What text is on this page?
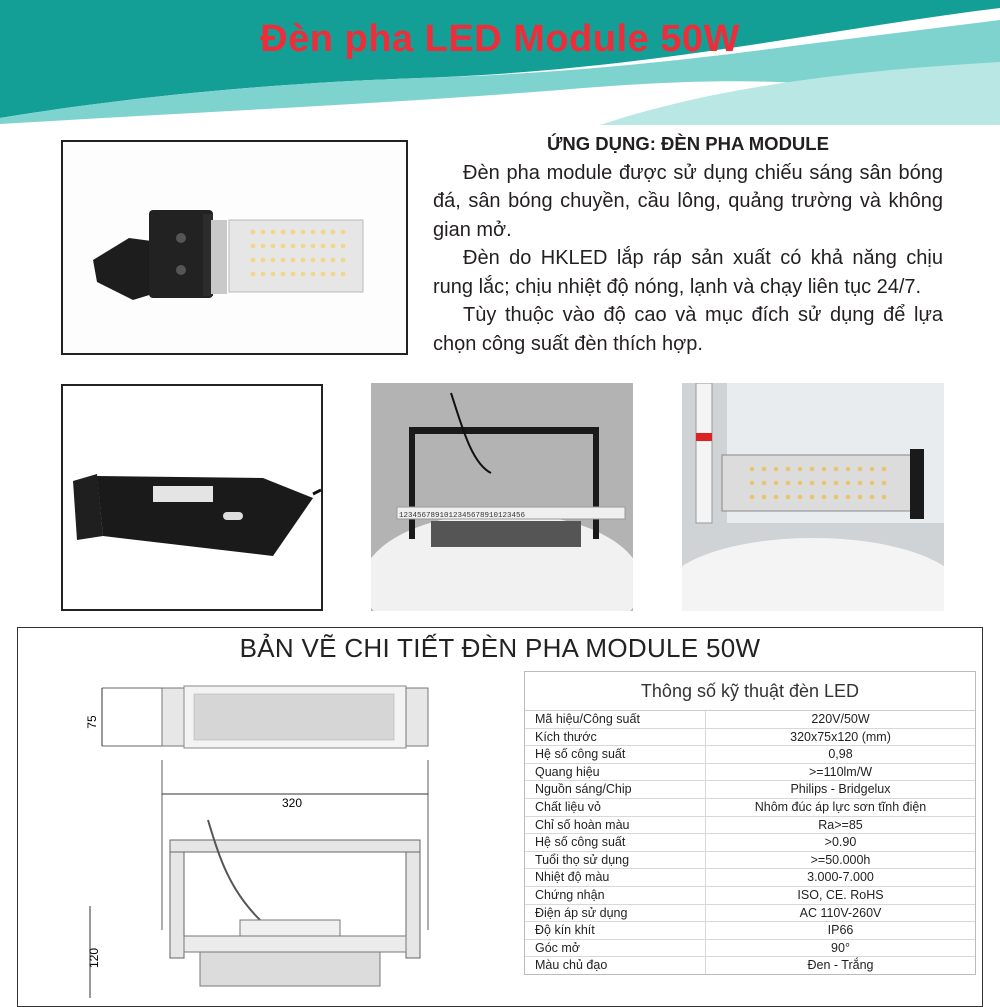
Đèn pha LED Module 50W
ỨNG DỤNG: ĐÈN PHA MODULE

Đèn pha module được sử dụng chiếu sáng sân bóng đá, sân bóng chuyền, cầu lông, quảng trường và không gian mở.

Đèn do HKLED lắp ráp sản xuất có khả năng chịu rung lắc; chịu nhiệt độ nóng, lạnh và chạy liên tục 24/7.

Tùy thuộc vào độ cao và mục đích sử dụng để lựa chọn công suất đèn thích hợp.

1234567891012345678910123456
BẢN VẼ CHI TIẾT ĐÈN PHA MODULE 50W
75
320
120
Thông số kỹ thuật đèn LED
Mã hiệu/Công suất	220V/50W
Kích thước	320x75x120 (mm)
Hệ số công suất	0,98
Quang hiệu	>=110lm/W
Nguồn sáng/Chip	Philips - Bridgelux
Chất liệu vỏ	Nhôm đúc áp lực sơn tĩnh điện
Chỉ số hoàn màu	Ra>=85
Hệ số công suất	>0.90
Tuổi thọ sử dụng	>=50.000h
Nhiệt độ màu	3.000-7.000
Chứng nhận	ISO, CE. RoHS
Điện áp sử dụng	AC 110V-260V
Độ kín khít	IP66
Góc mở	90°
Màu chủ đạo	Đen - Trắng
